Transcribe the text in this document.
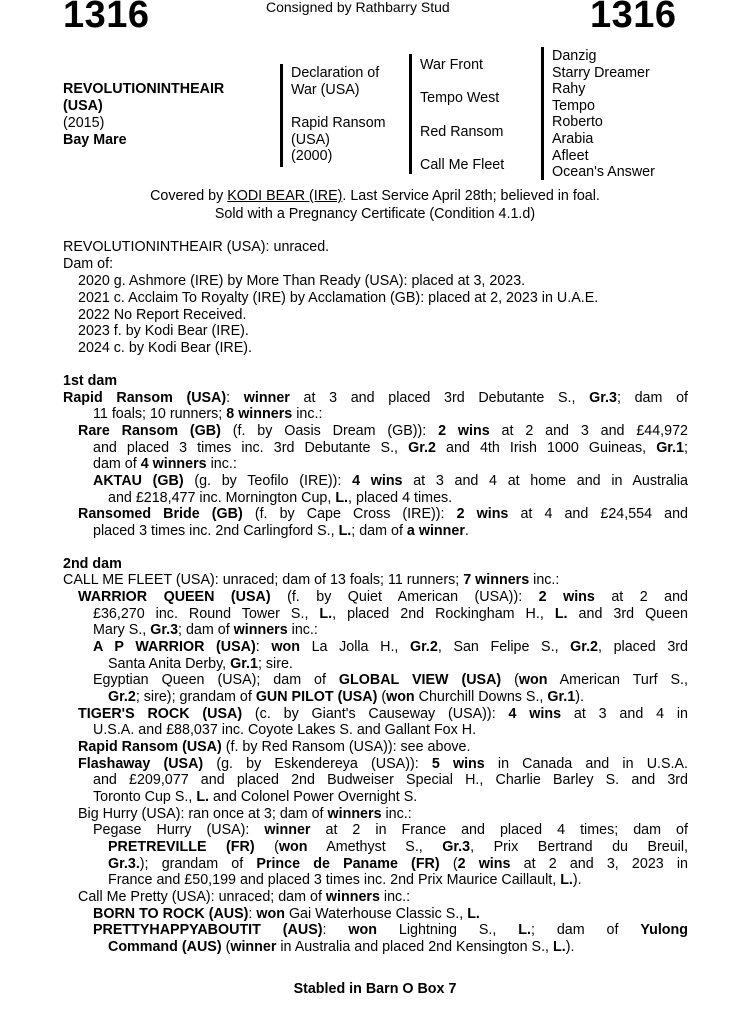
1316	Consigned by Rathbarry Stud	1316
REVOLUTIONINTHEAIR
(USA)
(2015)
Bay Mare
Declaration of
War (USA)
Rapid Ransom
(USA)
(2000)
War Front
Tempo West
Red Ransom
Call Me Fleet
Danzig
Starry Dreamer
Rahy
Tempo
Roberto
Arabia
Afleet
Ocean's Answer
Covered by KODI BEAR (IRE). Last Service April 28th; believed in foal.
Sold with a Pregnancy Certificate (Condition 4.1.d)
REVOLUTIONINTHEAIR (USA): unraced.
Dam of:
2020 g. Ashmore (IRE) by More Than Ready (USA): placed at 3, 2023.
2021 c. Acclaim To Royalty (IRE) by Acclamation (GB): placed at 2, 2023 in U.A.E.
2022 No Report Received.
2023 f. by Kodi Bear (IRE).
2024 c. by Kodi Bear (IRE).
1st dam
Rapid Ransom (USA): winner at 3 and placed 3rd Debutante S., Gr.3; dam of
11 foals; 10 runners; 8 winners inc.:
Rare Ransom (GB) (f. by Oasis Dream (GB)): 2 wins at 2 and 3 and £44,972
and placed 3 times inc. 3rd Debutante S., Gr.2 and 4th Irish 1000 Guineas, Gr.1;
dam of 4 winners inc.:
AKTAU (GB) (g. by Teofilo (IRE)): 4 wins at 3 and 4 at home and in Australia
and £218,477 inc. Mornington Cup, L., placed 4 times.
Ransomed Bride (GB) (f. by Cape Cross (IRE)): 2 wins at 4 and £24,554 and
placed 3 times inc. 2nd Carlingford S., L.; dam of a winner.
2nd dam
CALL ME FLEET (USA): unraced; dam of 13 foals; 11 runners; 7 winners inc.:
WARRIOR QUEEN (USA) (f. by Quiet American (USA)): 2 wins at 2 and
£36,270 inc. Round Tower S., L., placed 2nd Rockingham H., L. and 3rd Queen
Mary S., Gr.3; dam of winners inc.:
A P WARRIOR (USA): won La Jolla H., Gr.2, San Felipe S., Gr.2, placed 3rd
Santa Anita Derby, Gr.1; sire.
Egyptian Queen (USA); dam of GLOBAL VIEW (USA) (won American Turf S.,
Gr.2; sire); grandam of GUN PILOT (USA) (won Churchill Downs S., Gr.1).
TIGER'S ROCK (USA) (c. by Giant's Causeway (USA)): 4 wins at 3 and 4 in
U.S.A. and £88,037 inc. Coyote Lakes S. and Gallant Fox H.
Rapid Ransom (USA) (f. by Red Ransom (USA)): see above.
Flashaway (USA) (g. by Eskendereya (USA)): 5 wins in Canada and in U.S.A.
and £209,077 and placed 2nd Budweiser Special H., Charlie Barley S. and 3rd
Toronto Cup S., L. and Colonel Power Overnight S.
Big Hurry (USA): ran once at 3; dam of winners inc.:
Pegase Hurry (USA): winner at 2 in France and placed 4 times; dam of
PRETREVILLE (FR) (won Amethyst S., Gr.3, Prix Bertrand du Breuil,
Gr.3.); grandam of Prince de Paname (FR) (2 wins at 2 and 3, 2023 in
France and £50,199 and placed 3 times inc. 2nd Prix Maurice Caillault, L.).
Call Me Pretty (USA): unraced; dam of winners inc.:
BORN TO ROCK (AUS): won Gai Waterhouse Classic S., L.
PRETTYHAPPYABOUTIT (AUS): won Lightning S., L.; dam of Yulong
Command (AUS) (winner in Australia and placed 2nd Kensington S., L.).
Stabled in Barn O Box 7
